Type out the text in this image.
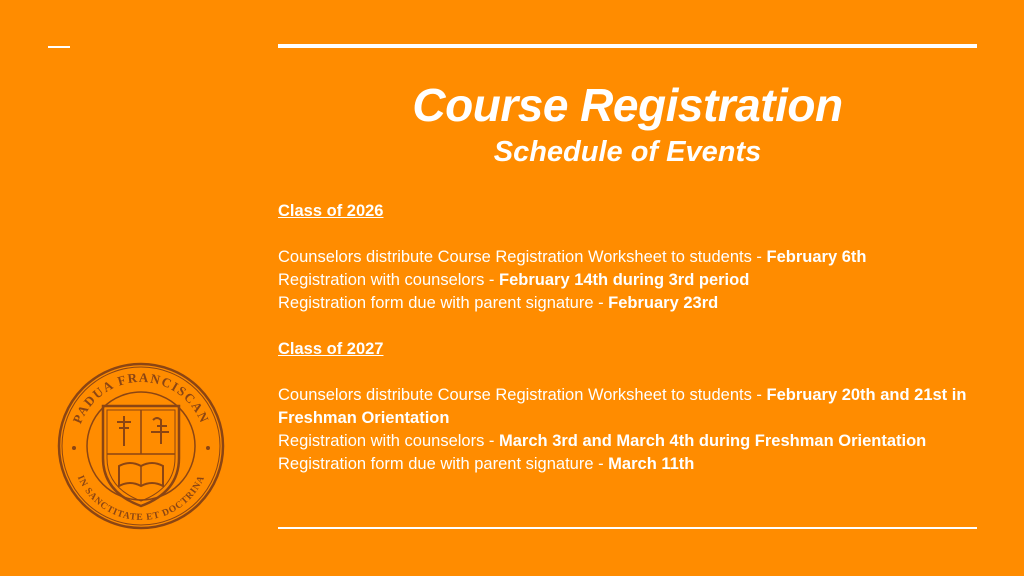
Course Registration
Schedule of Events
Class of 2026
Counselors distribute Course Registration Worksheet to students - February 6th
Registration with counselors - February 14th during 3rd period
Registration form due with parent signature - February 23rd
Class of 2027
Counselors distribute Course Registration Worksheet to students - February 20th and 21st in Freshman Orientation
Registration with counselors - March 3rd and March 4th during Freshman Orientation
Registration form due with parent signature - March 11th
PADUA FRANCISCAN
IN SANCTITATE ET DOCTRINA
